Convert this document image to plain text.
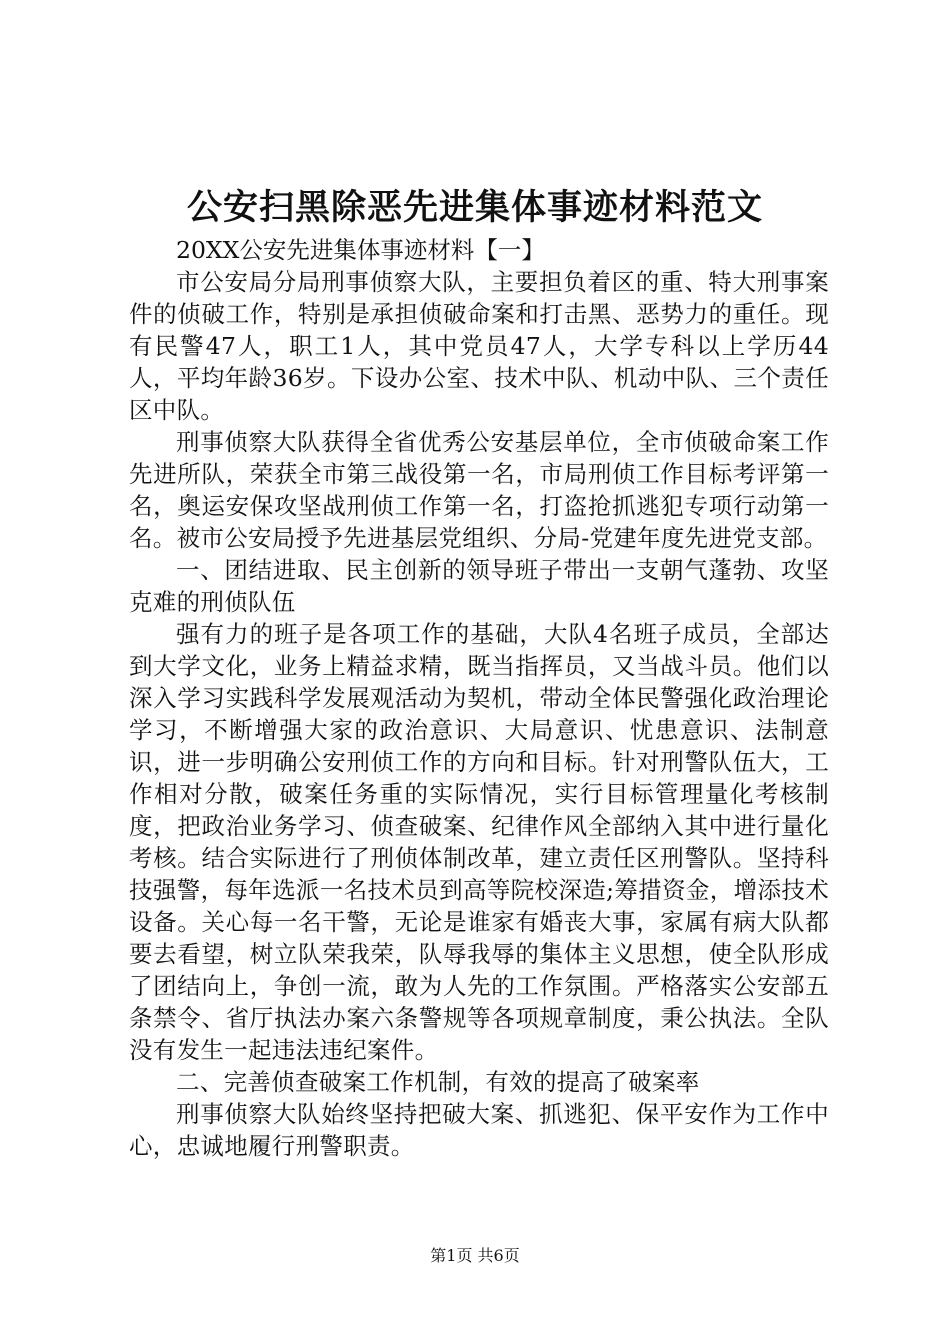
公安扫黑除恶先进集体事迹材料范文

20XX公安先进集体事迹材料【一】

市公安局分局刑事侦察大队，主要担负着区的重、特大刑事案件的侦破工作，特别是承担侦破命案和打击黑、恶势力的重任。现有民警47人，职工1人，其中党员47人，大学专科以上学历44人，平均年龄36岁。下设办公室、技术中队、机动中队、三个责任区中队。

刑事侦察大队获得全省优秀公安基层单位，全市侦破命案工作先进所队，荣获全市第三战役第一名，市局刑侦工作目标考评第一名，奥运安保攻坚战刑侦工作第一名，打盗抢抓逃犯专项行动第一名。被市公安局授予先进基层党组织、分局-党建年度先进党支部。

一、团结进取、民主创新的领导班子带出一支朝气蓬勃、攻坚克难的刑侦队伍

强有力的班子是各项工作的基础，大队4名班子成员，全部达到大学文化，业务上精益求精，既当指挥员，又当战斗员。他们以深入学习实践科学发展观活动为契机，带动全体民警强化政治理论学习，不断增强大家的政治意识、大局意识、忧患意识、法制意识，进一步明确公安刑侦工作的方向和目标。针对刑警队伍大，工作相对分散，破案任务重的实际情况，实行目标管理量化考核制度，把政治业务学习、侦查破案、纪律作风全部纳入其中进行量化考核。结合实际进行了刑侦体制改革，建立责任区刑警队。坚持科技强警，每年选派一名技术员到高等院校深造;筹措资金，增添技术设备。关心每一名干警，无论是谁家有婚丧大事，家属有病大队都要去看望，树立队荣我荣，队辱我辱的集体主义思想，使全队形成了团结向上，争创一流，敢为人先的工作氛围。严格落实公安部五条禁令、省厅执法办案六条警规等各项规章制度，秉公执法。全队没有发生一起违法违纪案件。

二、完善侦查破案工作机制，有效的提高了破案率

刑事侦察大队始终坚持把破大案、抓逃犯、保平安作为工作中心，忠诚地履行刑警职责。

第1页 共6页
